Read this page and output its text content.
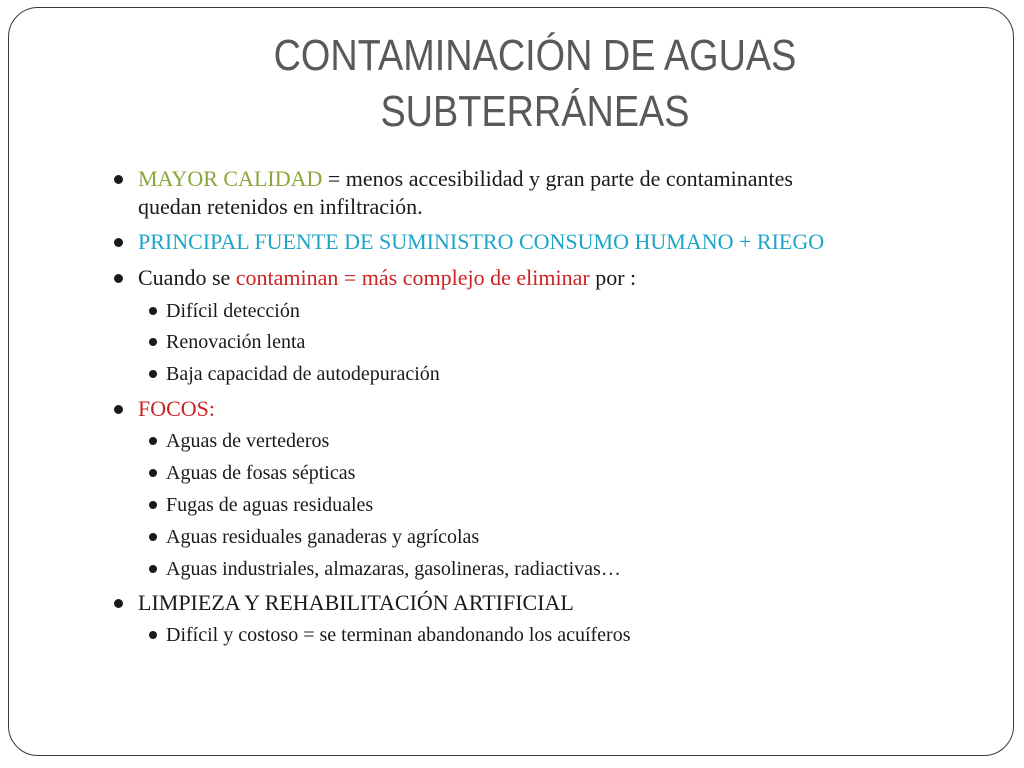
CONTAMINACIÓN DE AGUAS
SUBTERRÁNEAS
MAYOR CALIDAD = menos accesibilidad y gran parte de contaminantes
quedan retenidos en infiltración.
PRINCIPAL FUENTE DE SUMINISTRO CONSUMO HUMANO + RIEGO
Cuando se contaminan = más complejo de eliminar por :
Difícil detección
Renovación lenta
Baja capacidad de autodepuración
FOCOS:
Aguas de vertederos
Aguas de fosas sépticas
Fugas de aguas residuales
Aguas residuales ganaderas y agrícolas
Aguas industriales, almazaras, gasolineras, radiactivas…
LIMPIEZA Y REHABILITACIÓN ARTIFICIAL
Difícil y costoso = se terminan abandonando los acuíferos
